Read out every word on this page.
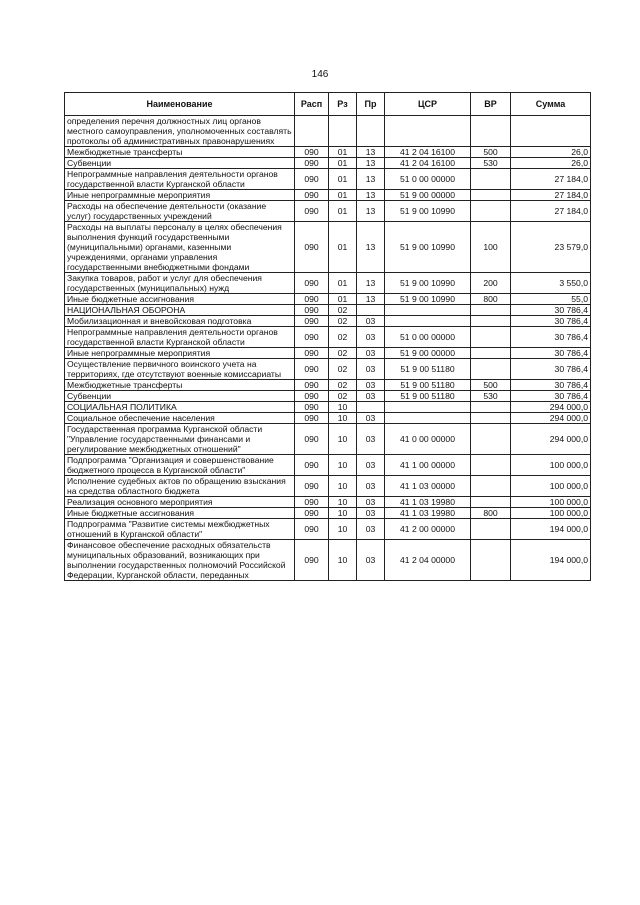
146
Наименование	Расп	Рз	Пр	ЦСР	ВР	Сумма
определения перечня должностных лиц органов местного самоуправления, уполномоченных составлять протоколы об административных правонарушениях						
Межбюджетные трансферты	090	01	13	41 2 04 16100	500	26,0
Субвенции	090	01	13	41 2 04 16100	530	26,0
Непрограммные направления деятельности органов государственной власти Курганской области	090	01	13	51 0 00 00000		27 184,0
Иные непрограммные мероприятия	090	01	13	51 9 00 00000		27 184,0
Расходы на обеспечение деятельности (оказание услуг) государственных учреждений	090	01	13	51 9 00 10990		27 184,0
Расходы на выплаты персоналу в целях обеспечения выполнения функций государственными (муниципальными) органами, казенными учреждениями, органами управления государственными внебюджетными фондами	090	01	13	51 9 00 10990	100	23 579,0
Закупка товаров, работ и услуг для обеспечения государственных (муниципальных) нужд	090	01	13	51 9 00 10990	200	3 550,0
Иные бюджетные ассигнования	090	01	13	51 9 00 10990	800	55,0
НАЦИОНАЛЬНАЯ ОБОРОНА	090	02				30 786,4
Мобилизационная и вневойсковая подготовка	090	02	03			30 786,4
Непрограммные направления деятельности органов государственной власти Курганской области	090	02	03	51 0 00 00000		30 786,4
Иные непрограммные мероприятия	090	02	03	51 9 00 00000		30 786,4
Осуществление первичного воинского учета на территориях, где отсутствуют военные комиссариаты	090	02	03	51 9 00 51180		30 786,4
Межбюджетные трансферты	090	02	03	51 9 00 51180	500	30 786,4
Субвенции	090	02	03	51 9 00 51180	530	30 786,4
СОЦИАЛЬНАЯ ПОЛИТИКА	090	10				294 000,0
Социальное обеспечение населения	090	10	03			294 000,0
Государственная программа Курганской области "Управление государственными финансами и регулирование межбюджетных отношений"	090	10	03	41 0 00 00000		294 000,0
Подпрограмма "Организация и совершенствование бюджетного процесса в Курганской области"	090	10	03	41 1 00 00000		100 000,0
Исполнение судебных актов по обращению взыскания на средства областного бюджета	090	10	03	41 1 03 00000		100 000,0
Реализация основного мероприятия	090	10	03	41 1 03 19980		100 000,0
Иные бюджетные ассигнования	090	10	03	41 1 03 19980	800	100 000,0
Подпрограмма "Развитие системы межбюджетных отношений в Курганской области"	090	10	03	41 2 00 00000		194 000,0
Финансовое обеспечение расходных обязательств муниципальных образований, возникающих при выполнении государственных полномочий Российской Федерации, Курганской области, переданных	090	10	03	41 2 04 00000		194 000,0
